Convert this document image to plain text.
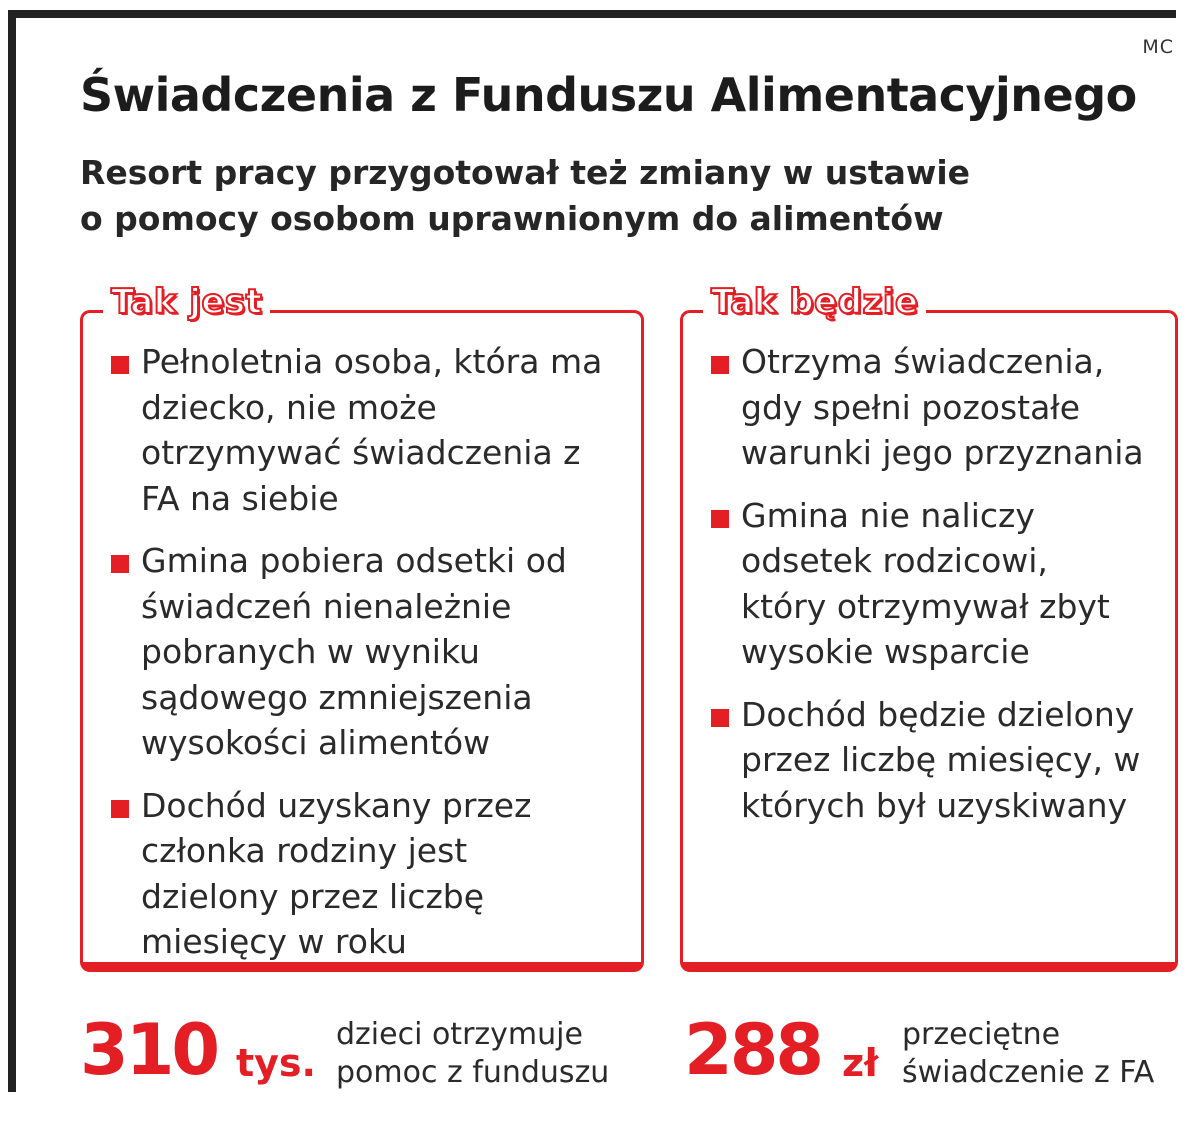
MC
Świadczenia z Funduszu Alimentacyjnego

Resort pracy przygotował też zmiany w ustawie
o pomocy osobom uprawnionym do alimentów

Tak jest
Pełnoletnia osoba, która ma dziecko, nie może otrzymywać świadczenia z FA na siebie
Gmina pobiera odsetki od świadczeń nienależnie pobranych w wyniku sądowego zmniejszenia wysokości alimentów
Dochód uzyskany przez członka rodziny jest dzielony przez liczbę miesięcy w roku
Tak będzie
Otrzyma świadczenia, gdy spełni pozostałe warunki jego przyznania
Gmina nie naliczy odsetek rodzicowi, który otrzymywał zbyt wysokie wsparcie
Dochód będzie dzielony przez liczbę miesięcy, w których był uzyskiwany
310 tys.
dzieci otrzymuje
pomoc z funduszu 288 zł
przeciętne
świadczenie z FA
